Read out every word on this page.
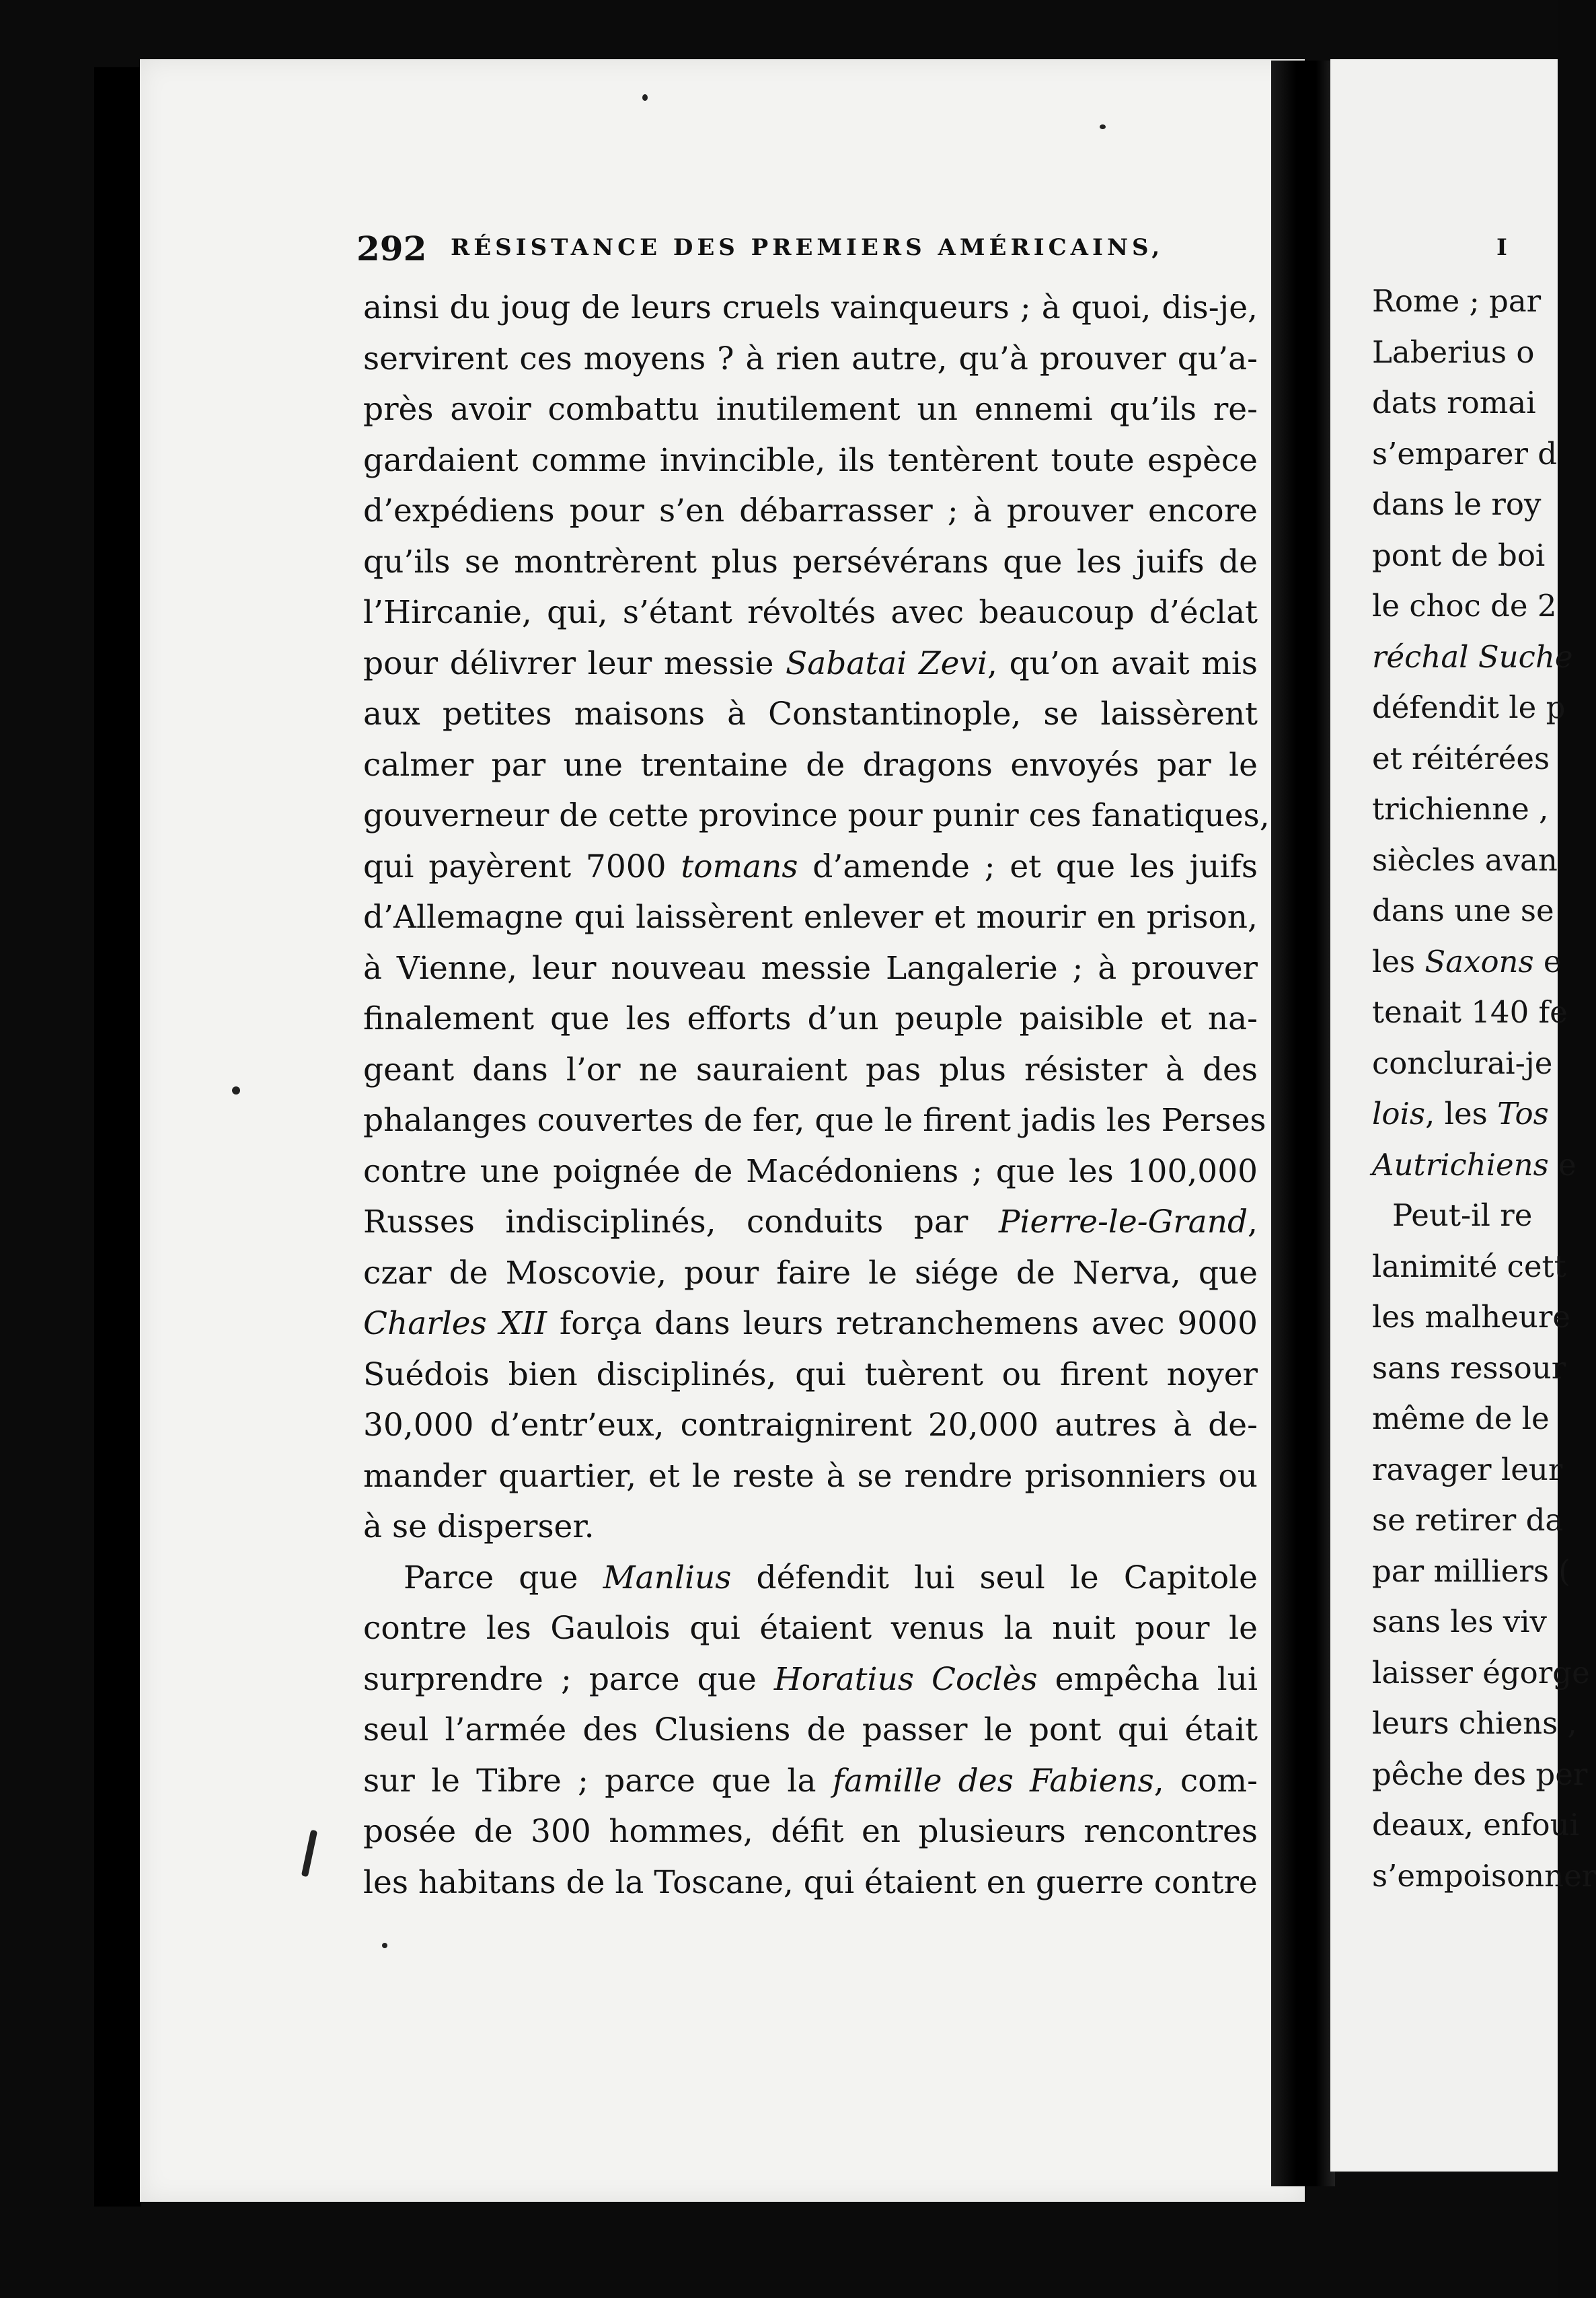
292 RÉSISTANCE DES PREMIERS AMÉRICAINS,
ainsi du joug de leurs cruels vainqueurs ; à quoi, dis-je,
servirent ces moyens ? à rien autre, qu’à prouver qu’a-
près avoir combattu inutilement un ennemi qu’ils re-
gardaient comme invincible, ils tentèrent toute espèce
d’expédiens pour s’en débarrasser ; à prouver encore
qu’ils se montrèrent plus persévérans que les juifs de
l’Hircanie, qui, s’étant révoltés avec beaucoup d’éclat
pour délivrer leur messie Sabatai Zevi, qu’on avait mis
aux petites maisons à Constantinople, se laissèrent
calmer par une trentaine de dragons envoyés par le
gouverneur de cette province pour punir ces fanatiques,
qui payèrent 7000 tomans d’amende ; et que les juifs
d’Allemagne qui laissèrent enlever et mourir en prison,
à Vienne, leur nouveau messie Langalerie ; à prouver
finalement que les efforts d’un peuple paisible et na-
geant dans l’or ne sauraient pas plus résister à des
phalanges couvertes de fer, que le firent jadis les Perses
contre une poignée de Macédoniens ; que les 100,000
Russes indisciplinés, conduits par Pierre-le-Grand,
czar de Moscovie, pour faire le siége de Nerva, que
Charles XII força dans leurs retranchemens avec 9000
Suédois bien disciplinés, qui tuèrent ou firent noyer
30,000 d’entr’eux, contraignirent 20,000 autres à de-
mander quartier, et le reste à se rendre prisonniers ou
à se disperser.
Parce que Manlius défendit lui seul le Capitole
contre les Gaulois qui étaient venus la nuit pour le
surprendre ; parce que Horatius Coclès empêcha lui
seul l’armée des Clusiens de passer le pont qui était
sur le Tibre ; parce que la famille des Fabiens, com-
posée de 300 hommes, défit en plusieurs rencontres
les habitans de la Toscane, qui étaient en guerre contre
I
Rome ; par
Laberius o
dats romai
s’emparer d
dans le roy
pont de boi
le choc de 2
réchal Suche
défendit le p
et réitérées
trichienne ,
siècles avan
dans une se
les Saxons e
tenait 140 fe
conclurai-je
lois, les Tos
Autrichiens e
Peut-il re
lanimité cett
les malheure
sans ressour
même de le
ravager leur
se retirer da
par milliers (
sans les viv
laisser égorge
leurs chiens ,
pêche des per
deaux, enfoui
s’empoisonner
